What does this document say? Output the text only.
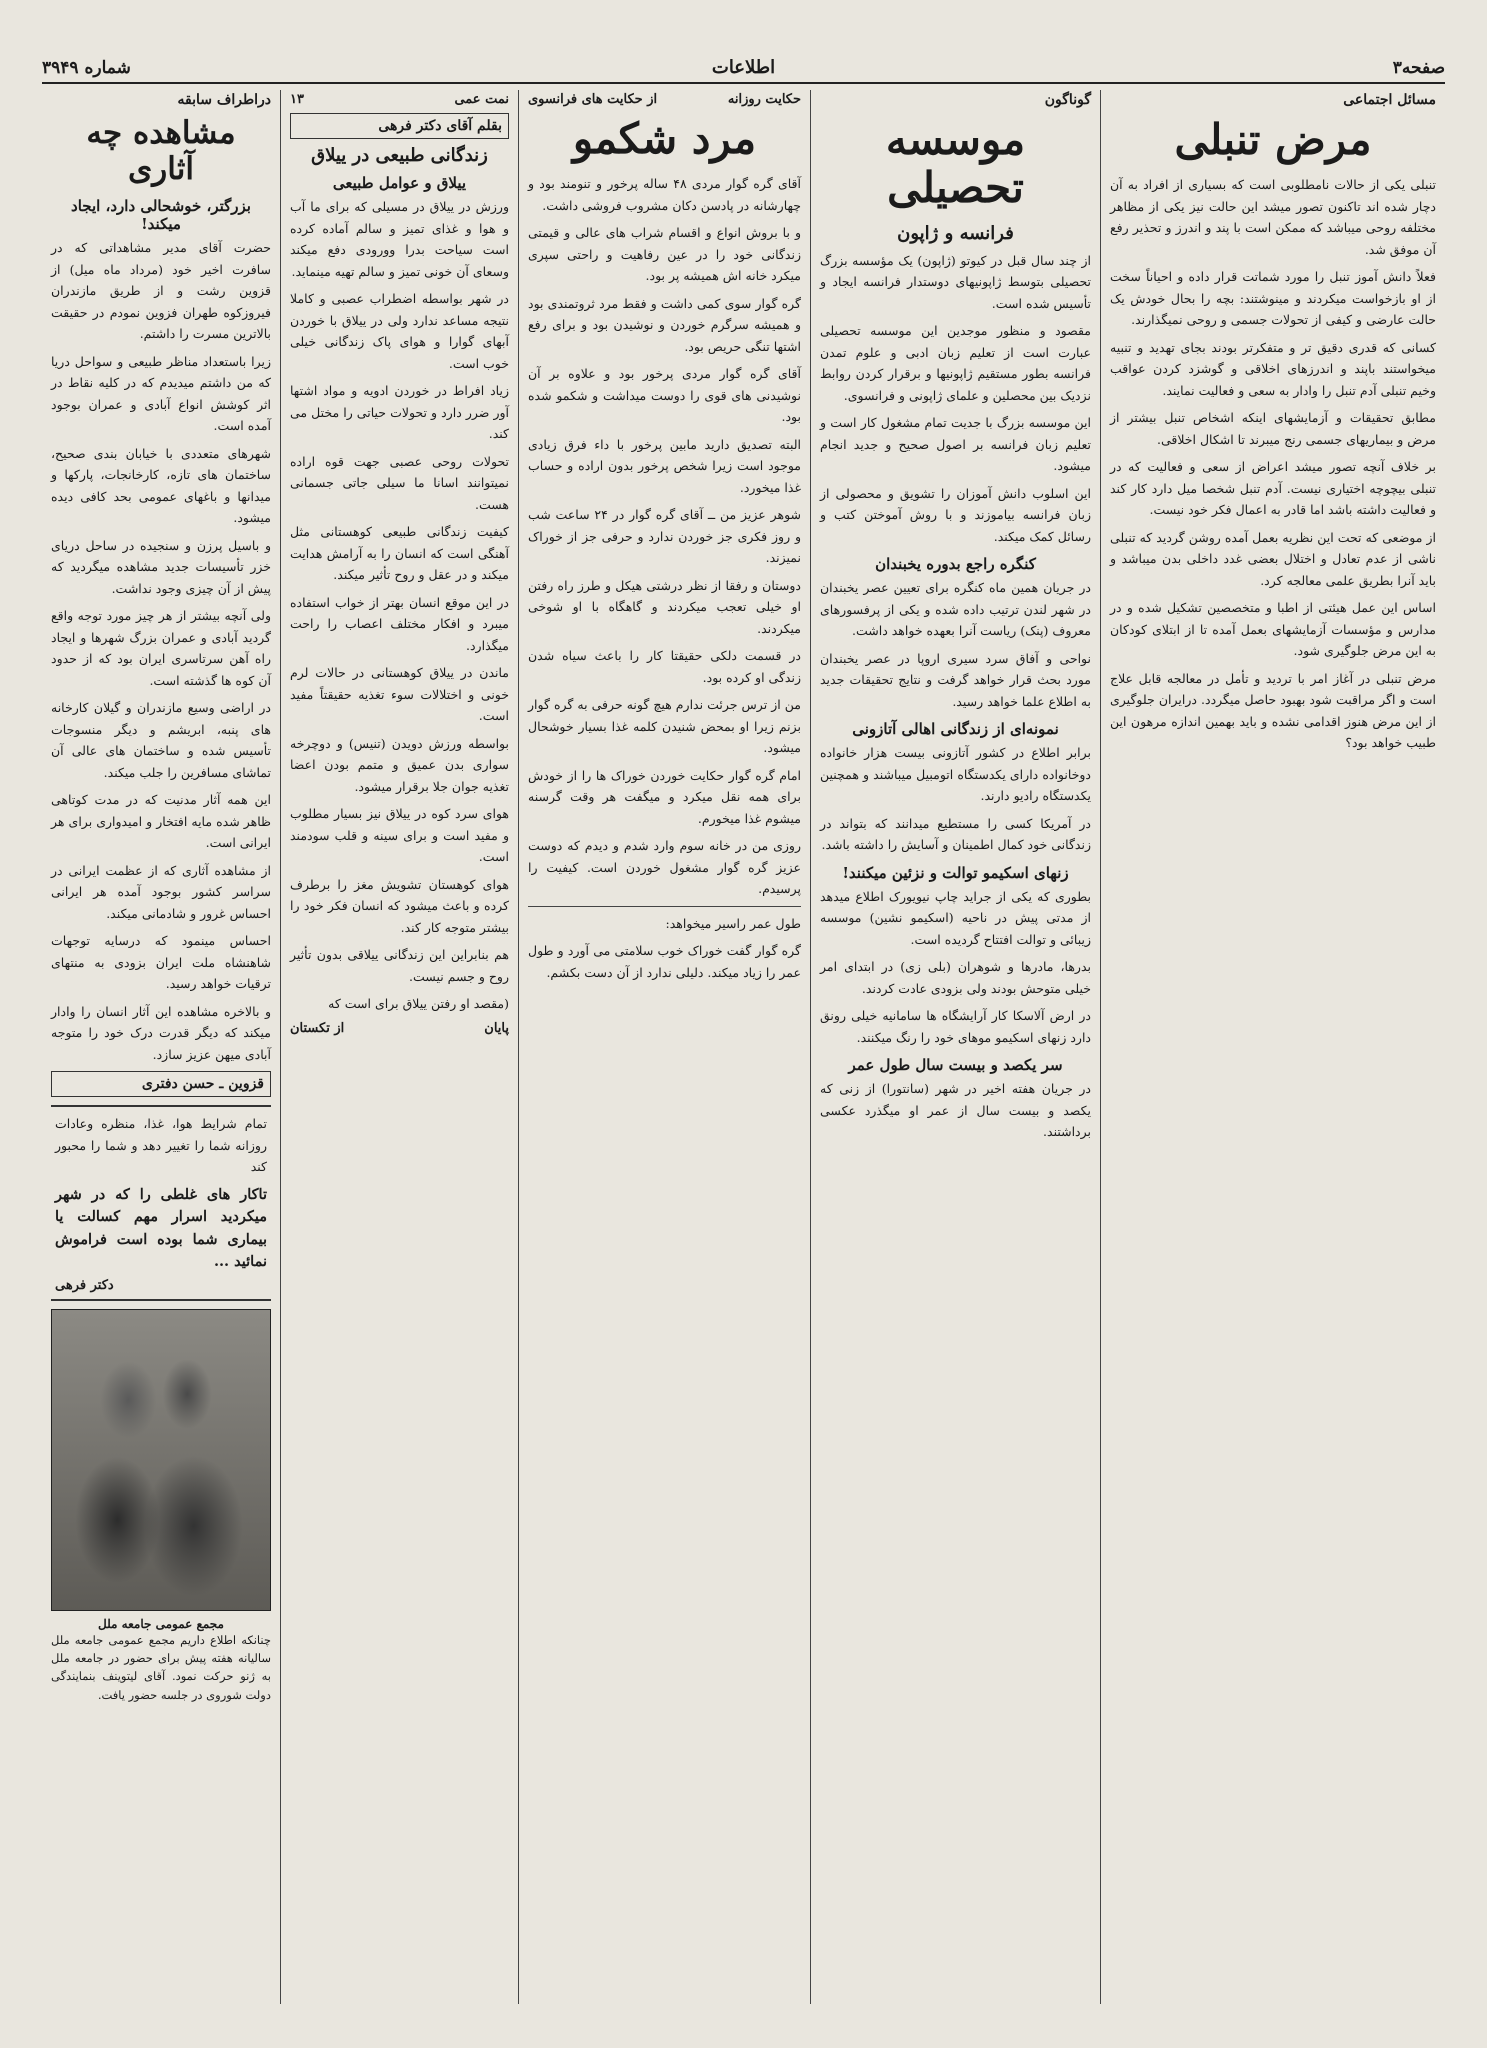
صفحه۳
اطلاعات
شماره ۳۹۴۹
مسائل اجتماعی
مرض تنبلی

تنبلی یکی از حالات نامطلوبی است که بسیاری از افراد به آن دچار شده اند تاکنون تصور میشد این حالت نیز یکی از مظاهر مختلفه روحی میباشد که ممکن است با پند و اندرز و تحذیر رفع آن موفق شد.

فعلاً دانش آموز تنبل را مورد شماتت قرار داده و احیاناً سخت از او بازخواست میکردند و مینوشتند: بچه را بحال خودش یک حالت عارضی و کیفی از تحولات جسمی و روحی نمیگذارند.

کسانی که قدری دقیق تر و متفکرتر بودند بجای تهدید و تنبیه میخواستند باپند و اندرزهای اخلاقی و گوشزد کردن عواقب وخیم تنبلی آدم تنبل را وادار به سعی و فعالیت نمایند.

مطابق تحقیقات و آزمایشهای اینکه اشخاص تنبل بیشتر از مرض و بیماریهای جسمی رنج میبرند تا اشکال اخلاقی.

بر خلاف آنچه تصور میشد اعراض از سعی و فعالیت که در تنبلی بیچوچه اختیاری نیست. آدم تنبل شخصا میل دارد کار کند و فعالیت داشته باشد اما قادر به اعمال فکر خود نیست.

از موضعی که تحت این نظریه بعمل آمده روشن گردید که تنبلی ناشی از عدم تعادل و اختلال بعضی غدد داخلی بدن میباشد و باید آنرا بطریق علمی معالجه کرد.

اساس این عمل هیئتی از اطبا و متخصصین تشکیل شده و در مدارس و مؤسسات آزمایشهای بعمل آمده تا از ابتلای کودکان به این مرض جلوگیری شود.

مرض تنبلی در آغاز امر با تردید و تأمل در معالجه قابل علاج است و اگر مراقبت شود بهبود حاصل میگردد. درایران جلوگیری از این مرض هنوز اقدامی نشده و باید بهمین اندازه مرهون این طبیب خواهد بود؟

گوناگون
موسسه تحصیلی
فرانسه و ژاپون

از چند سال قبل در کیوتو (ژاپون) یک مؤسسه بزرگ تحصیلی بتوسط ژاپونیهای دوستدار فرانسه ایجاد و تأسیس شده است.

مقصود و منظور موجدین این موسسه تحصیلی عبارت است از تعلیم زبان ادبی و علوم تمدن فرانسه بطور مستقیم ژاپونیها و برقرار کردن روابط نزدیک بین محصلین و علمای ژاپونی و فرانسوی.

این موسسه بزرگ با جدیت تمام مشغول کار است و تعلیم زبان فرانسه بر اصول صحیح و جدید انجام میشود.

این اسلوب دانش آموزان را تشویق و محصولی از زبان فرانسه بیاموزند و با روش آموختن کتب و رسائل کمک میکند.

کنگره راجع بدوره یخبندان

در جریان همین ماه کنگره برای تعیین عصر یخبندان در شهر لندن ترتیب داده شده و یکی از پرفسورهای معروف (پنک) ریاست آنرا بعهده خواهد داشت.

نواحی و آفاق سرد سیری اروپا در عصر یخبندان مورد بحث قرار خواهد گرفت و نتایج تحقیقات جدید به اطلاع علما خواهد رسید.

نمونه‌ای از زندگانی اهالی آتازونی

برابر اطلاع در کشور آتازونی بیست هزار خانواده دوخانواده دارای یکدستگاه اتومبیل میباشند و همچنین یکدستگاه رادیو دارند.

در آمریکا کسی را مستطیع میدانند که بتواند در زندگانی خود کمال اطمینان و آسایش را داشته باشد.

زنهای اسکیمو توالت و نزئین میکنند!

بطوری که یکی از جراید چاپ نیویورک اطلاع میدهد از مدتی پیش در ناحیه (اسکیمو نشین) موسسه زیبائی و توالت افتتاح گردیده است.

بدرها، مادرها و شوهران (بلی زی) در ابتدای امر خیلی متوحش بودند ولی بزودی عادت کردند.

در ارض آلاسکا کار آرایشگاه ها سامانیه خیلی رونق دارد زنهای اسکیمو موهای خود را رنگ میکنند.

سر یکصد و بیست سال طول عمر

در جریان هفته اخیر در شهر (سانتورا) از زنی که یکصد و بیست سال از عمر او میگذرد عکسی برداشتند.

حکایت روزانه
از حکایت های فرانسوی
مرد شکمو

آقای گره گوار مردی ۴۸ ساله پرخور و تنومند بود و چهارشانه در پادسن دکان مشروب فروشی داشت.

و با بروش انواع و اقسام شراب های عالی و قیمتی زندگانی خود را در عین رفاهیت و راحتی سپری میکرد خانه اش همیشه پر بود.

گره گوار سوی کمی داشت و فقط مرد ثروتمندی بود و همیشه سرگرم خوردن و نوشیدن بود و برای رفع اشتها تنگی حریص بود.

آقای گره گوار مردی پرخور بود و علاوه بر آن نوشیدنی های قوی را دوست میداشت و شکمو شده بود.

البته تصدیق دارید مابین پرخور با داء فرق زیادی موجود است زیرا شخص پرخور بدون اراده و حساب غذا میخورد.

شوهر عزیز من ــ آقای گره گوار در ۲۴ ساعت شب و روز فکری جز خوردن ندارد و حرفی جز از خوراک نمیزند.

دوستان و رفقا از نظر درشتی هیکل و طرز راه رفتن او خیلی تعجب میکردند و گاهگاه با او شوخی میکردند.

در قسمت دلکی حقیقتا کار را باعث سیاه شدن زندگی او کرده بود.

من از ترس جرئت ندارم هیچ گونه حرفی به گره گوار بزنم زیرا او بمحض شنیدن کلمه غذا بسیار خوشحال میشود.

امام گره گوار حکایت خوردن خوراک ها را از خودش برای همه نقل میکرد و میگفت هر وقت گرسنه میشوم غذا میخورم.

روزی من در خانه سوم وارد شدم و دیدم که دوست عزیز گره گوار مشغول خوردن است. کیفیت را پرسیدم.

طول عمر راسیر میخواهد:

گره گوار گفت خوراک خوب سلامتی می آورد و طول عمر را زیاد میکند. دلیلی ندارد از آن دست بکشم.

نمت عمی
۱۳
بقلم آقای دکتر فرهی
زندگانی طبیعی در ییلاق
ییلاق و عوامل طبیعی

ورزش در ییلاق در مسیلی که برای ما آب و هوا و غذای تمیز و سالم آماده کرده است سیاحت بدرا وورودی دفع میکند وسعای آن خونی تمیز و سالم تهیه مینماید.

در شهر بواسطه اضطراب عصبی و کاملا نتیجه مساعد ندارد ولی در ییلاق با خوردن آبهای گوارا و هوای پاک زندگانی خیلی خوب است.

زیاد افراط در خوردن ادویه و مواد اشتها آور ضرر دارد و تحولات حیاتی را مختل می کند.

تحولات روحی عصبی جهت قوه اراده نمیتوانند اسانا ما سیلی جاتی جسمانی هست.

کیفیت زندگانی طبیعی کوهستانی مثل آهنگی است که انسان را به آرامش هدایت میکند و در عقل و روح تأثیر میکند.

در این موقع انسان بهتر از خواب استفاده میبرد و افکار مختلف اعصاب را راحت میگذارد.

ماندن در ییلاق کوهستانی در حالات لرم خونی و اختلالات سوء تغذیه حقیقتاً مفید است.

بواسطه ورزش دویدن (تنیس) و دوچرخه سواری بدن عمیق و متمم بودن اعضا تغذیه جوان جلا برقرار میشود.

هوای سرد کوه در ییلاق نیز بسیار مطلوب و مفید است و برای سینه و قلب سودمند است.

هوای کوهستان تشویش مغز را برطرف کرده و باعث میشود که انسان فکر خود را بیشتر متوجه کار کند.

هم بنابراین این زندگانی ییلاقی بدون تأثیر روح و جسم نیست.

(مقصد او رفتن ییلاق برای است که

پایان
از تکستان
دراطراف سابقه
مشاهده چه آثاری
بزرگتر، خوشحالی دارد، ایجاد میکند!

حضرت آقای مدیر مشاهداتی که در سافرت اخیر خود (مرداد ماه میل) از قزوین رشت و از طریق مازندران فیروزکوه طهران فزوین نمودم در حقیقت بالاترین مسرت را داشتم.

زیرا باستعداد مناظر طبیعی و سواحل دریا که من داشتم میدیدم که در کلیه نقاط در اثر کوشش انواع آبادی و عمران بوجود آمده است.

شهرهای متعددی با خیابان بندی صحیح، ساختمان های تازه، کارخانجات، پارکها و میدانها و باغهای عمومی بحد کافی دیده میشود.

و باسیل پرزن و سنجیده در ساحل دریای خزر تأسیسات جدید مشاهده میگردید که پیش از آن چیزی وجود نداشت.

ولی آنچه بیشتر از هر چیز مورد توجه واقع گردید آبادی و عمران بزرگ شهرها و ایجاد راه آهن سرتاسری ایران بود که از حدود آن کوه ها گذشته است.

در اراضی وسیع مازندران و گیلان کارخانه های پنبه، ابریشم و دیگر منسوجات تأسیس شده و ساختمان های عالی آن تماشای مسافرین را جلب میکند.

این همه آثار مدنیت که در مدت کوتاهی ظاهر شده مایه افتخار و امیدواری برای هر ایرانی است.

از مشاهده آثاری که از عظمت ایرانی در سراسر کشور بوجود آمده هر ایرانی احساس غرور و شادمانی میکند.

احساس مینمود که درسایه توجهات شاهنشاه ملت ایران بزودی به منتهای ترقیات خواهد رسید.

و بالاخره مشاهده این آثار انسان را وادار میکند که دیگر قدرت درک خود را متوجه آبادی میهن عزیز سازد.

قزوین ـ حسن دفتری

تمام شرایط هوا، غذا، منظره وعادات روزانه شما را تغییر دهد و شما را محبور کند

تاکار های غلطی را که در شهر میکردید اسرار مهم کسالت یا بیماری شما بوده است فراموش نمائید ...
دکتر فرهی
مجمع عمومی جامعه ملل
چنانکه اطلاع داریم مجمع عمومی جامعه ملل سالیانه هفته پیش برای حضور در جامعه ملل به ژنو حرکت نمود. آقای لیتوینف بنمایندگی دولت شوروی در جلسه حضور یافت.
